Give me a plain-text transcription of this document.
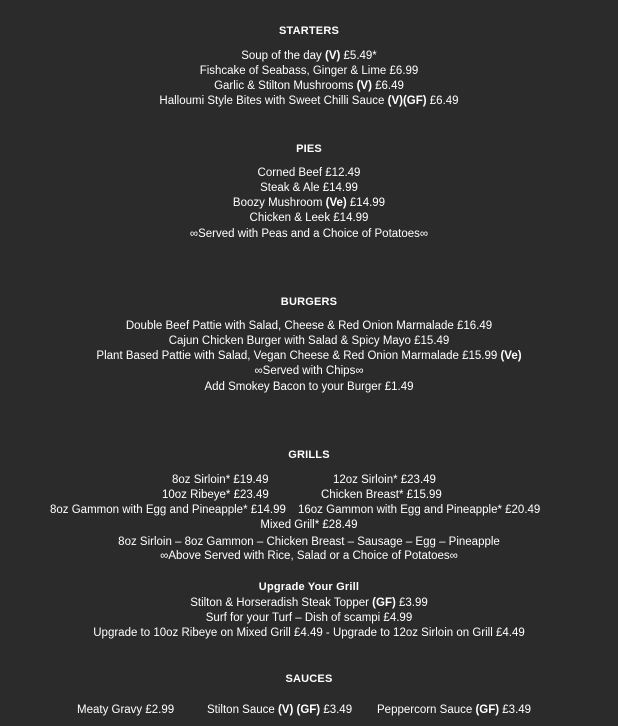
STARTERS
Soup of the day (V) £5.49*
Fishcake of Seabass, Ginger & Lime £6.99
Garlic & Stilton Mushrooms (V) £6.49
Halloumi Style Bites with Sweet Chilli Sauce (V)(GF) £6.49
PIES
Corned Beef £12.49
Steak & Ale £14.99
Boozy Mushroom (Ve) £14.99
Chicken & Leek £14.99
∞Served with Peas and a Choice of Potatoes∞
BURGERS
Double Beef Pattie with Salad, Cheese & Red Onion Marmalade £16.49
Cajun Chicken Burger with Salad & Spicy Mayo £15.49
Plant Based Pattie with Salad, Vegan Cheese & Red Onion Marmalade £15.99 (Ve)
∞Served with Chips∞
Add Smokey Bacon to your Burger £1.49
GRILLS
8oz Sirloin* £19.49	12oz Sirloin* £23.49
10oz Ribeye* £23.49	Chicken Breast* £15.99
8oz Gammon with Egg and Pineapple* £14.99 16oz Gammon with Egg and Pineapple* £20.49
Mixed Grill* £28.49
8oz Sirloin – 8oz Gammon – Chicken Breast – Sausage – Egg – Pineapple
∞Above Served with Rice, Salad or a Choice of Potatoes∞
Upgrade Your Grill
Stilton & Horseradish Steak Topper (GF) £3.99
Surf for your Turf – Dish of scampi £4.99
Upgrade to 10oz Ribeye on Mixed Grill £4.49 - Upgrade to 12oz Sirloin on Grill £4.49
SAUCES
Meaty Gravy £2.99	Stilton Sauce (V) (GF) £3.49 Peppercorn Sauce (GF) £3.49
